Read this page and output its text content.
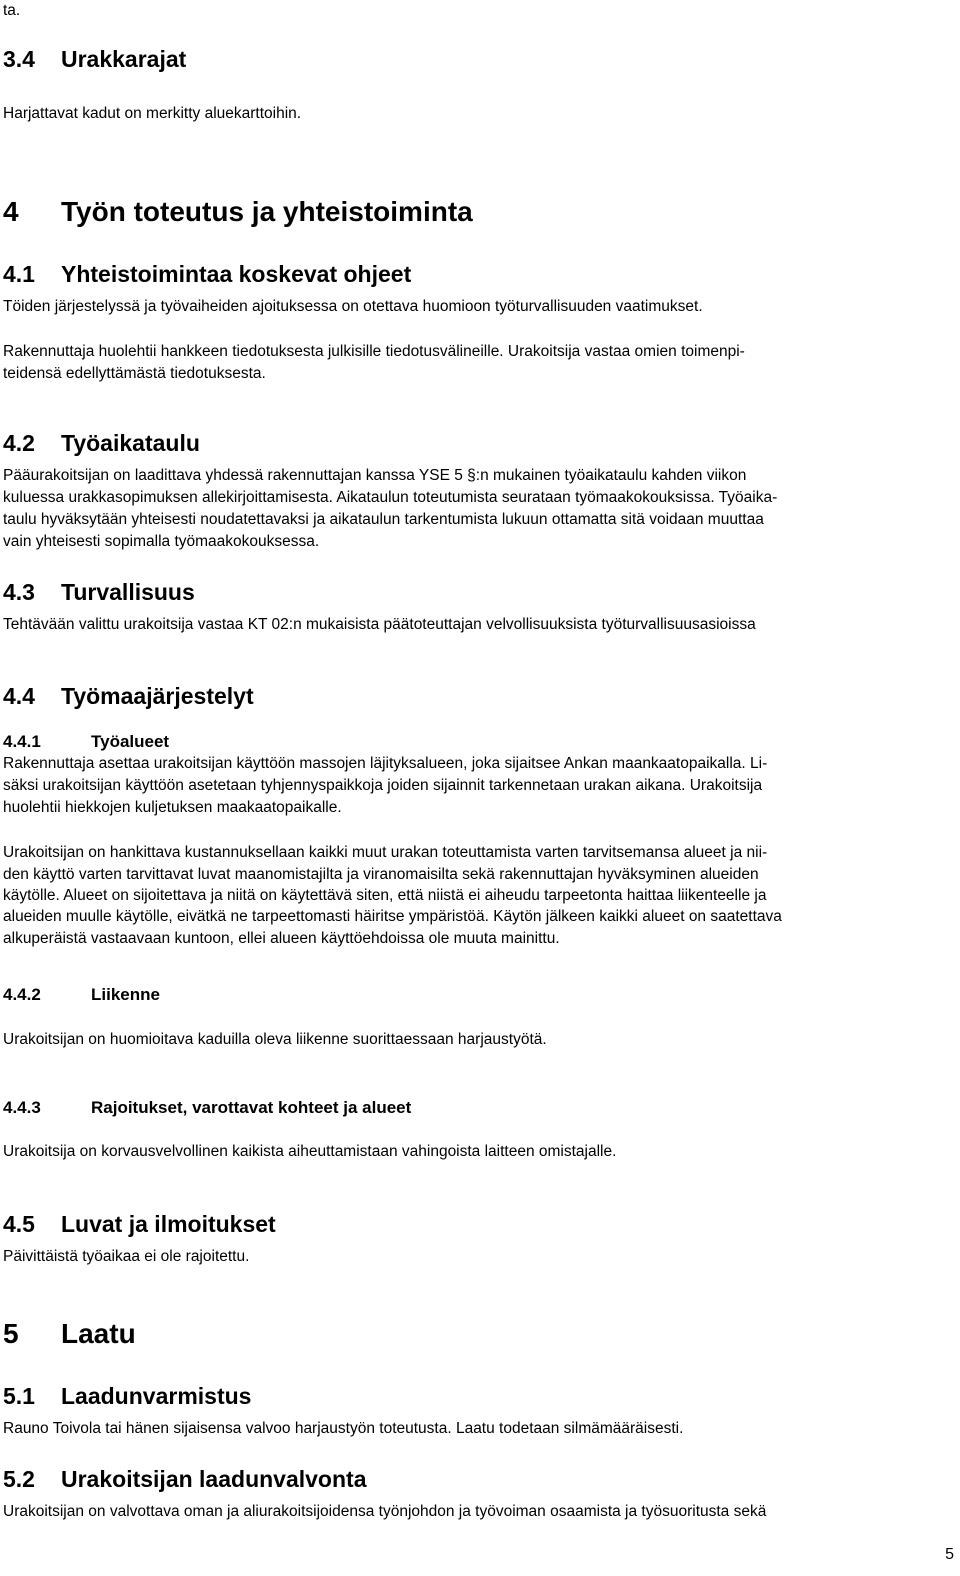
ta.

3.4 Urakkarajat

Harjattavat kadut on merkitty aluekarttoihin.

4 Työn toteutus ja yhteistoiminta
4.1 Yhteistoimintaa koskevat ohjeet

Töiden järjestelyssä ja työvaiheiden ajoituksessa on otettava huomioon työturvallisuuden vaatimukset.

Rakennuttaja huolehtii hankkeen tiedotuksesta julkisille tiedotusvälineille. Urakoitsija vastaa omien toimenpi-

teidensä edellyttämästä tiedotuksesta.

4.2 Työaikataulu

Pääurakoitsijan on laadittava yhdessä rakennuttajan kanssa YSE 5 §:n mukainen työaikataulu kahden viikon

kuluessa urakkasopimuksen allekirjoittamisesta. Aikataulun toteutumista seurataan työmaakokouksissa. Työaika-

taulu hyväksytään yhteisesti noudatettavaksi ja aikataulun tarkentumista lukuun ottamatta sitä voidaan muuttaa

vain yhteisesti sopimalla työmaakokouksessa.

4.3 Turvallisuus

Tehtävään valittu urakoitsija vastaa KT 02:n mukaisista päätoteuttajan velvollisuuksista työturvallisuusasioissa

4.4 Työmaajärjestelyt
4.4.1	Työalueet

Rakennuttaja asettaa urakoitsijan käyttöön massojen läjityksalueen, joka sijaitsee Ankan maankaatopaikalla. Li-

säksi urakoitsijan käyttöön asetetaan tyhjennyspaikkoja joiden sijainnit tarkennetaan urakan aikana. Urakoitsija

huolehtii hiekkojen kuljetuksen maakaatopaikalle.

Urakoitsijan on hankittava kustannuksellaan kaikki muut urakan toteuttamista varten tarvitsemansa alueet ja nii-

den käyttö varten tarvittavat luvat maanomistajilta ja viranomaisilta sekä rakennuttajan hyväksyminen alueiden

käytölle. Alueet on sijoitettava ja niitä on käytettävä siten, että niistä ei aiheudu tarpeetonta haittaa liikenteelle ja

alueiden muulle käytölle, eivätkä ne tarpeettomasti häiritse ympäristöä. Käytön jälkeen kaikki alueet on saatettava

alkuperäistä vastaavaan kuntoon, ellei alueen käyttöehdoissa ole muuta mainittu.

4.4.2	Liikenne

Urakoitsijan on huomioitava kaduilla oleva liikenne suorittaessaan harjaustyötä.

4.4.3	Rajoitukset, varottavat kohteet ja alueet

Urakoitsija on korvausvelvollinen kaikista aiheuttamistaan vahingoista laitteen omistajalle.

4.5 Luvat ja ilmoitukset

Päivittäistä työaikaa ei ole rajoitettu.

5 Laatu
5.1 Laadunvarmistus

Rauno Toivola tai hänen sijaisensa valvoo harjaustyön toteutusta. Laatu todetaan silmämääräisesti.

5.2 Urakoitsijan laadunvalvonta

Urakoitsijan on valvottava oman ja aliurakoitsijoidensa työnjohdon ja työvoiman osaamista ja työsuoritusta sekä

5
